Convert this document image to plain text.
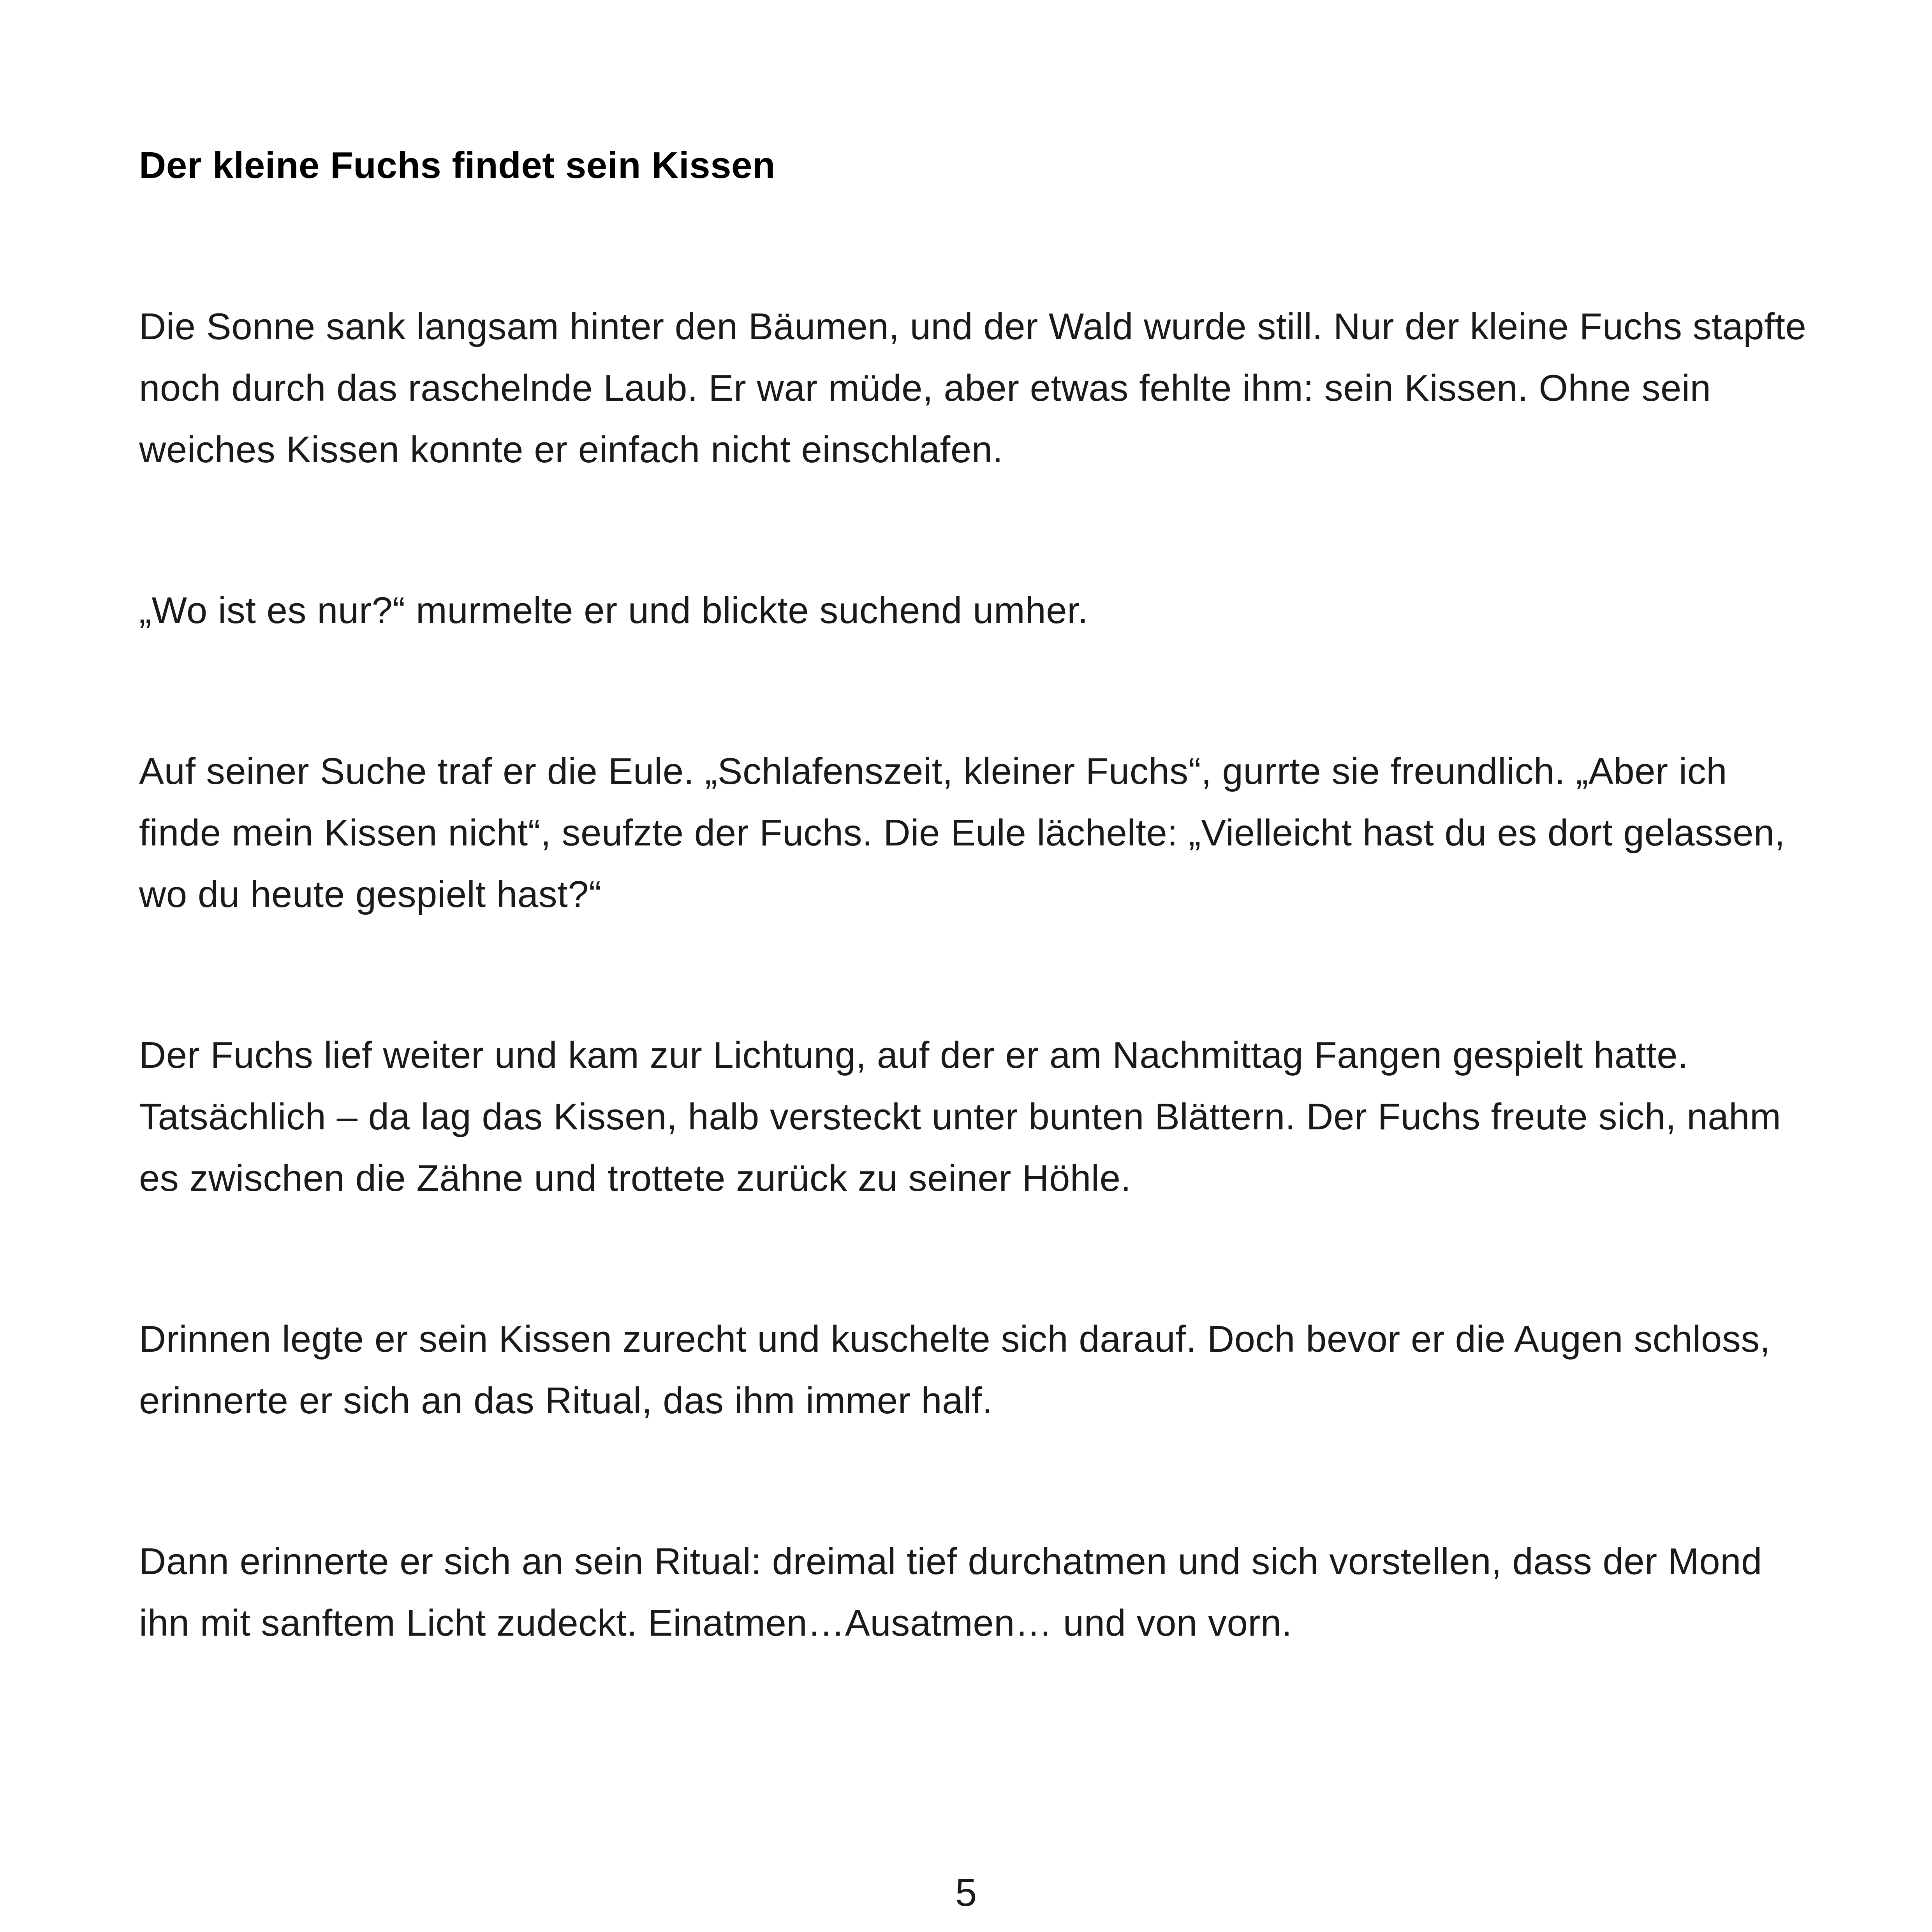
Der kleine Fuchs findet sein Kissen

Die Sonne sank langsam hinter den Bäumen, und der Wald wurde still. Nur der kleine Fuchs stapfte noch durch das raschelnde Laub. Er war müde, aber etwas fehlte ihm: sein Kissen. Ohne sein weiches Kissen konnte er einfach nicht einschlafen.

„Wo ist es nur?“ murmelte er und blickte suchend umher.

Auf seiner Suche traf er die Eule. „Schlafenszeit, kleiner Fuchs“, gurrte sie freundlich. „Aber ich finde mein Kissen nicht“, seufzte der Fuchs. Die Eule lächelte: „Vielleicht hast du es dort gelassen, wo du heute gespielt hast?“

Der Fuchs lief weiter und kam zur Lichtung, auf der er am Nachmittag Fangen gespielt hatte. Tatsächlich – da lag das Kissen, halb versteckt unter bunten Blättern. Der Fuchs freute sich, nahm es zwischen die Zähne und trottete zurück zu seiner Höhle.

Drinnen legte er sein Kissen zurecht und kuschelte sich darauf. Doch bevor er die Augen schloss, erinnerte er sich an das Ritual, das ihm immer half.

Dann erinnerte er sich an sein Ritual: dreimal tief durchatmen und sich vorstellen, dass der Mond ihn mit sanftem Licht zudeckt. Einatmen…Ausatmen… und von vorn.

5
